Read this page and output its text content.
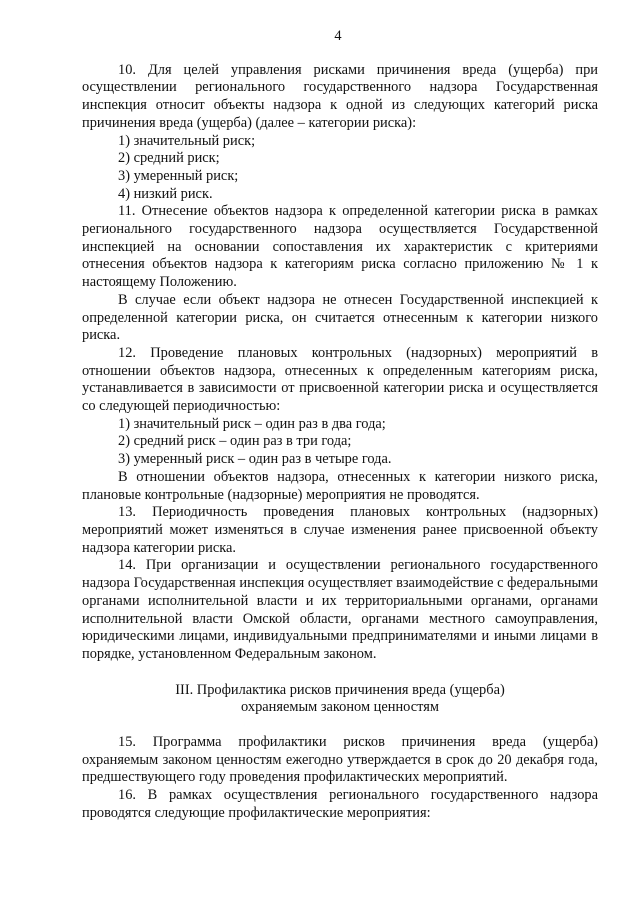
4

10. Для целей управления рисками причинения вреда (ущерба) при осуществлении регионального государственного надзора Государственная инспекция относит объекты надзора к одной из следующих категорий риска причинения вреда (ущерба) (далее – категории риска):

1) значительный риск;

2) средний риск;

3) умеренный риск;

4) низкий риск.

11. Отнесение объектов надзора к определенной категории риска в рамках регионального государственного надзора осуществляется Государственной инспекцией на основании сопоставления их характеристик с критериями отнесения объектов надзора к категориям риска согласно приложению № 1 к настоящему Положению.

В случае если объект надзора не отнесен Государственной инспекцией к определенной категории риска, он считается отнесенным к категории низкого риска.

12. Проведение плановых контрольных (надзорных) мероприятий в отношении объектов надзора, отнесенных к определенным категориям риска, устанавливается в зависимости от присвоенной категории риска и осуществляется со следующей периодичностью:

1) значительный риск – один раз в два года;

2) средний риск – один раз в три года;

3) умеренный риск – один раз в четыре года.

В отношении объектов надзора, отнесенных к категории низкого риска, плановые контрольные (надзорные) мероприятия не проводятся.

13. Периодичность проведения плановых контрольных (надзорных) мероприятий может изменяться в случае изменения ранее присвоенной объекту надзора категории риска.

14. При организации и осуществлении регионального государственного надзора Государственная инспекция осуществляет взаимодействие с федеральными органами исполнительной власти и их территориальными органами, органами исполнительной власти Омской области, органами местного самоуправления, юридическими лицами, индивидуальными предпринимателями и иными лицами в порядке, установленном Федеральным законом.

III. Профилактика рисков причинения вреда (ущерба)
охраняемым законом ценностям

15. Программа профилактики рисков причинения вреда (ущерба) охраняемым законом ценностям ежегодно утверждается в срок до 20 декабря года, предшествующего году проведения профилактических мероприятий.

16. В рамках осуществления регионального государственного надзора проводятся следующие профилактические мероприятия:
